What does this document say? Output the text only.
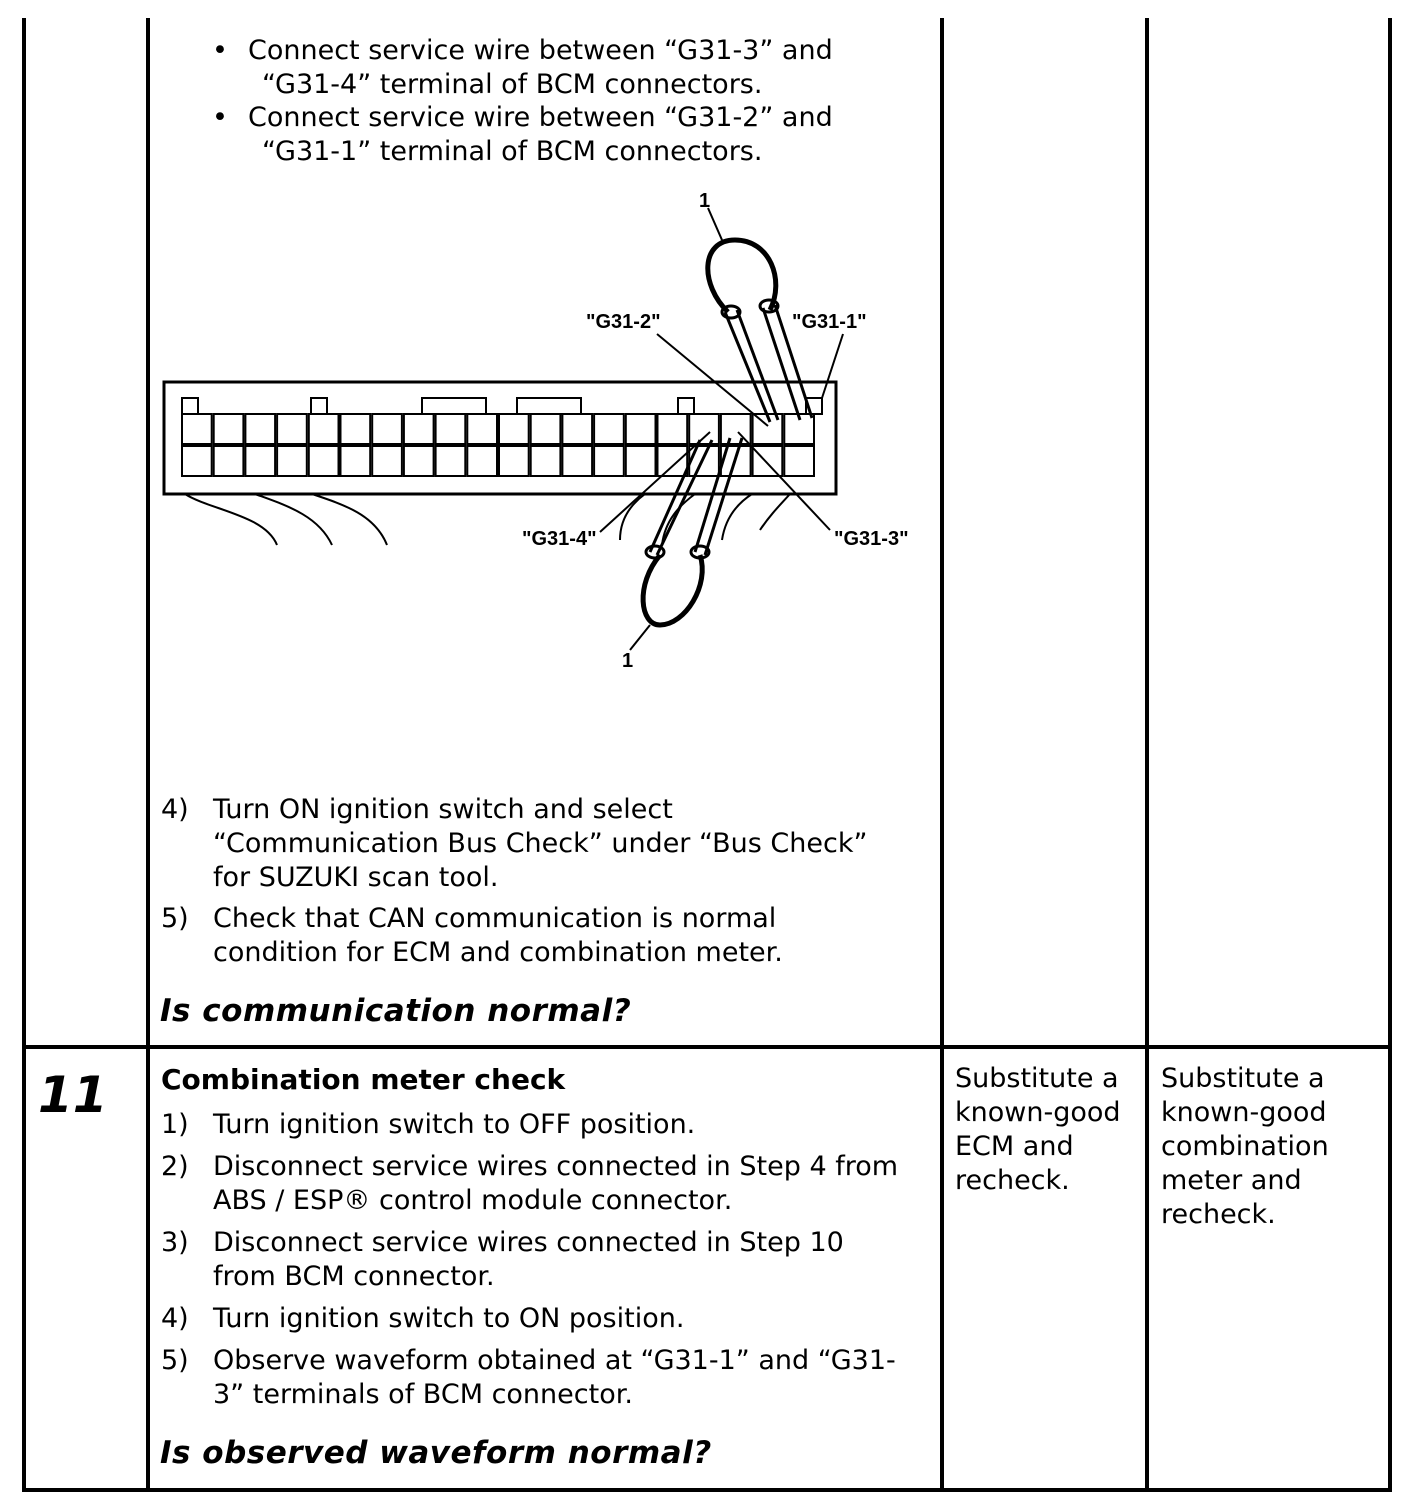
• Connect service wire between “G31-3” and
“G31-4” terminal of BCM connectors.
• Connect service wire between “G31-2” and
“G31-1” terminal of BCM connectors.
1
"G31-2"	"G31-1"
"G31-4"	"G31-3"
1
4) Turn ON ignition switch and select
“Communication Bus Check” under “Bus Check”
for SUZUKI scan tool.
5) Check that CAN communication is normal
condition for ECM and combination meter.
Is communication normal?
11 Combination meter check
1) Turn ignition switch to OFF position.
2) Disconnect service wires connected in Step 4 from
ABS / ESP® control module connector.
3) Disconnect service wires connected in Step 10
from BCM connector.
4) Turn ignition switch to ON position.
5) Observe waveform obtained at “G31-1” and “G31-
3” terminals of BCM connector.
Is observed waveform normal?
Substitute a
known-good
ECM and
recheck.
Substitute a
known-good
combination
meter and
recheck.
